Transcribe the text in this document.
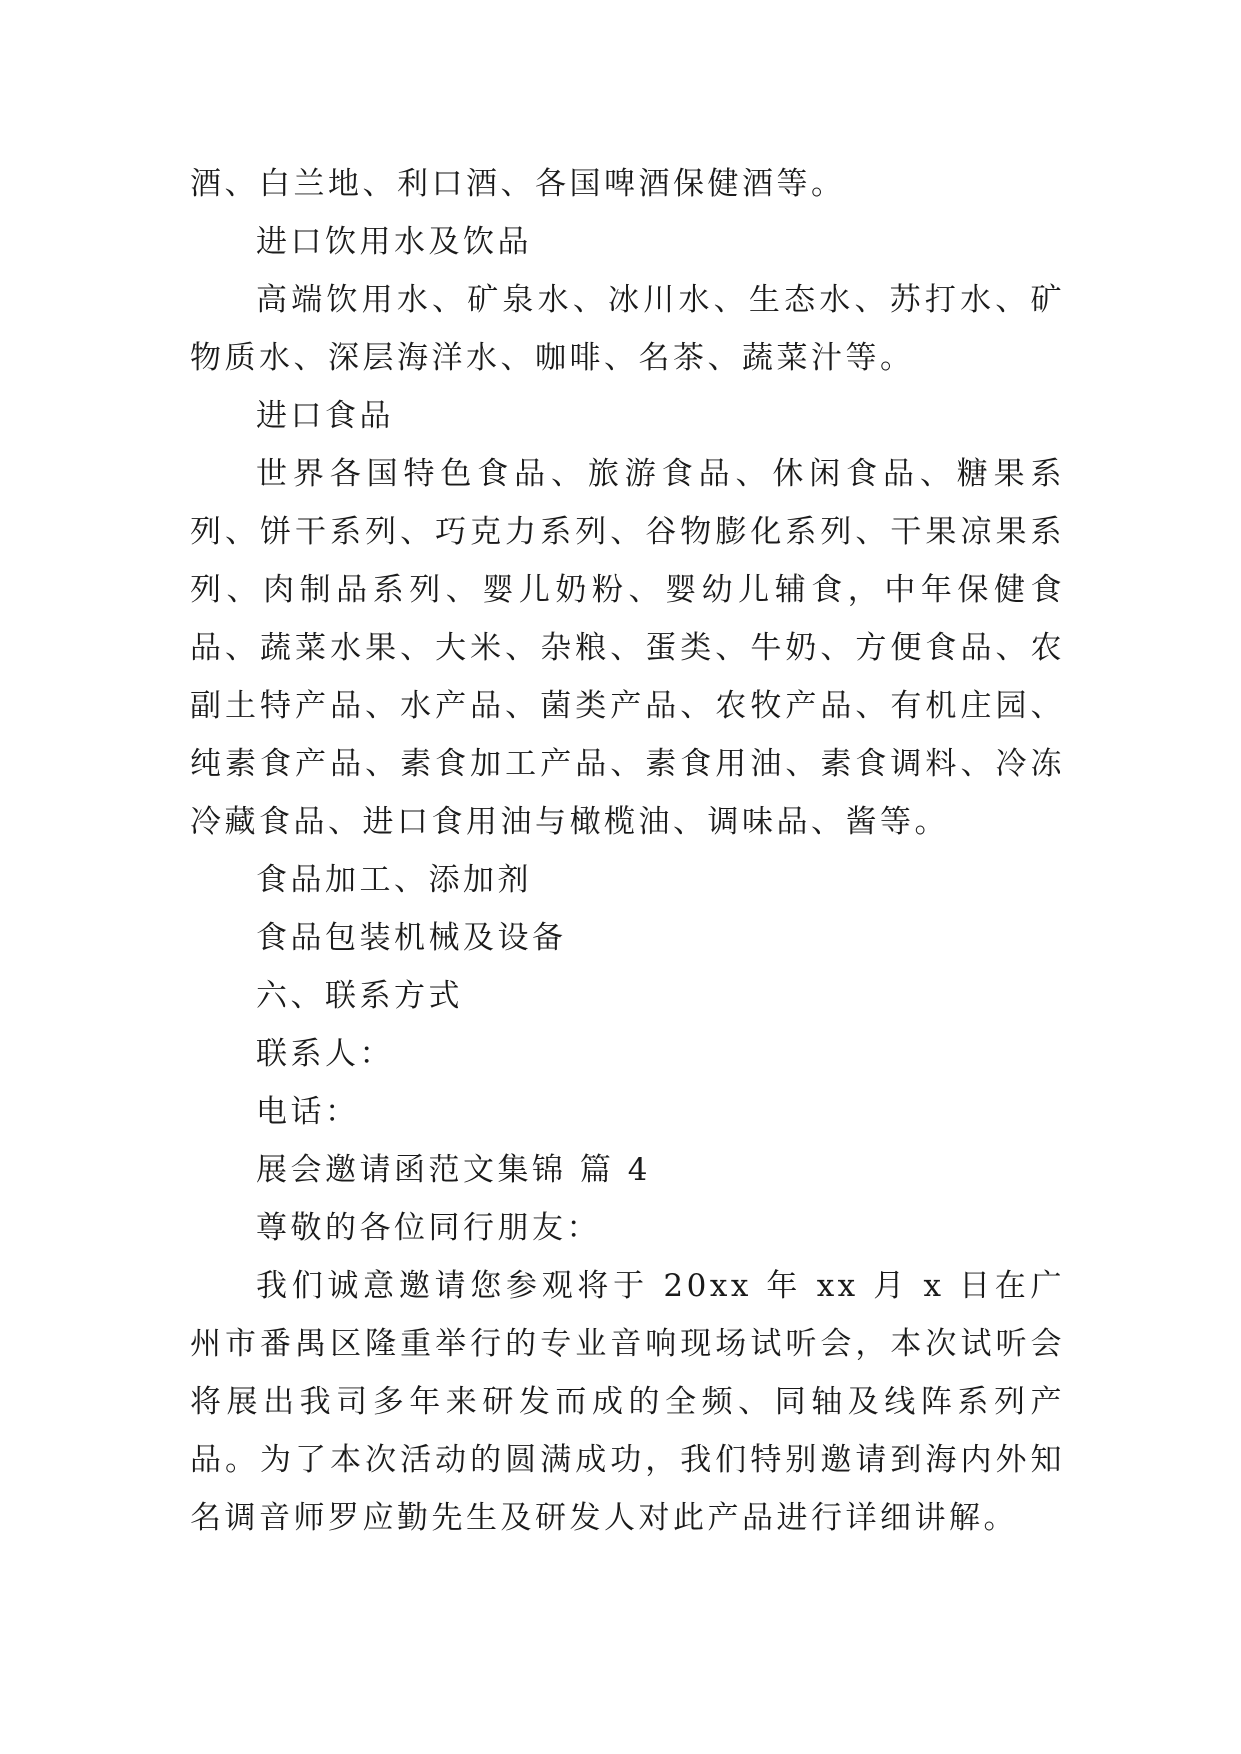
酒、白兰地、利口酒、各国啤酒保健酒等。

进口饮用水及饮品

高端饮用水、矿泉水、冰川水、生态水、苏打水、矿物质水、深层海洋水、咖啡、名茶、蔬菜汁等。

进口食品

世界各国特色食品、旅游食品、休闲食品、糖果系列、饼干系列、巧克力系列、谷物膨化系列、干果凉果系列、肉制品系列、婴儿奶粉、婴幼儿辅食，中年保健食品、蔬菜水果、大米、杂粮、蛋类、牛奶、方便食品、农副土特产品、水产品、菌类产品、农牧产品、有机庄园、纯素食产品、素食加工产品、素食用油、素食调料、冷冻冷藏食品、进口食用油与橄榄油、调味品、酱等。

食品加工、添加剂

食品包装机械及设备

六、联系方式

联系人：

电话：

展会邀请函范文集锦 篇 4

尊敬的各位同行朋友：

我们诚意邀请您参观将于 20xx 年 xx 月 x 日在广州市番禺区隆重举行的专业音响现场试听会，本次试听会将展出我司多年来研发而成的全频、同轴及线阵系列产品。为了本次活动的圆满成功，我们特别邀请到海内外知名调音师罗应勤先生及研发人对此产品进行详细讲解。
